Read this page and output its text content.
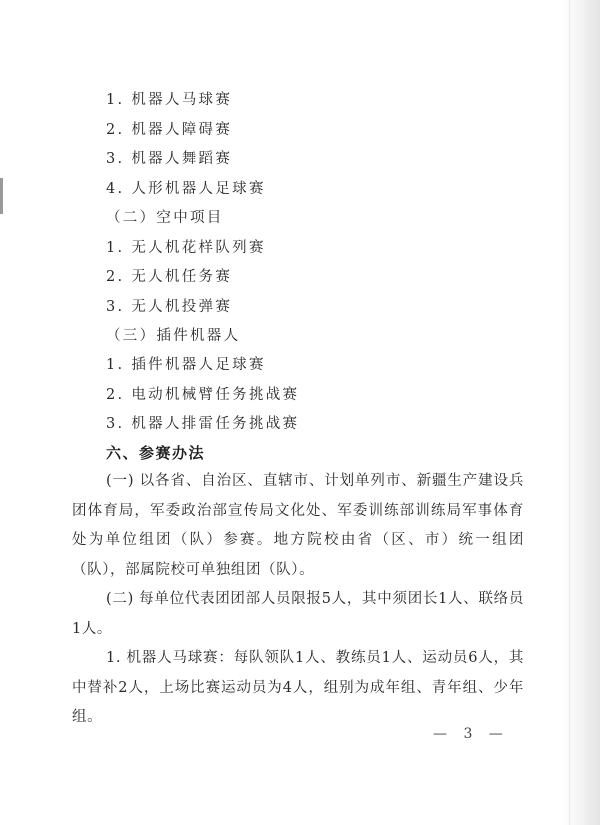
1. 机器人马球赛
2. 机器人障碍赛
3. 机器人舞蹈赛
4. 人形机器人足球赛
（二）空中项目
1. 无人机花样队列赛
2. 无人机任务赛
3. 无人机投弹赛
（三）插件机器人
1. 插件机器人足球赛
2. 电动机械臂任务挑战赛
3. 机器人排雷任务挑战赛
六、参赛办法
(一) 以各省、自治区、直辖市、计划单列市、新疆生产建设兵团体育局，军委政治部宣传局文化处、军委训练部训练局军事体育处为单位组团（队）参赛。地方院校由省（区、市）统一组团（队），部属院校可单独组团（队）。
(二) 每单位代表团团部人员限报5人，其中须团长1人、联络员1人。
1. 机器人马球赛：每队领队1人、教练员1人、运动员6人，其中替补2人，上场比赛运动员为4人，组别为成年组、青年组、少年组。
— 3 —
